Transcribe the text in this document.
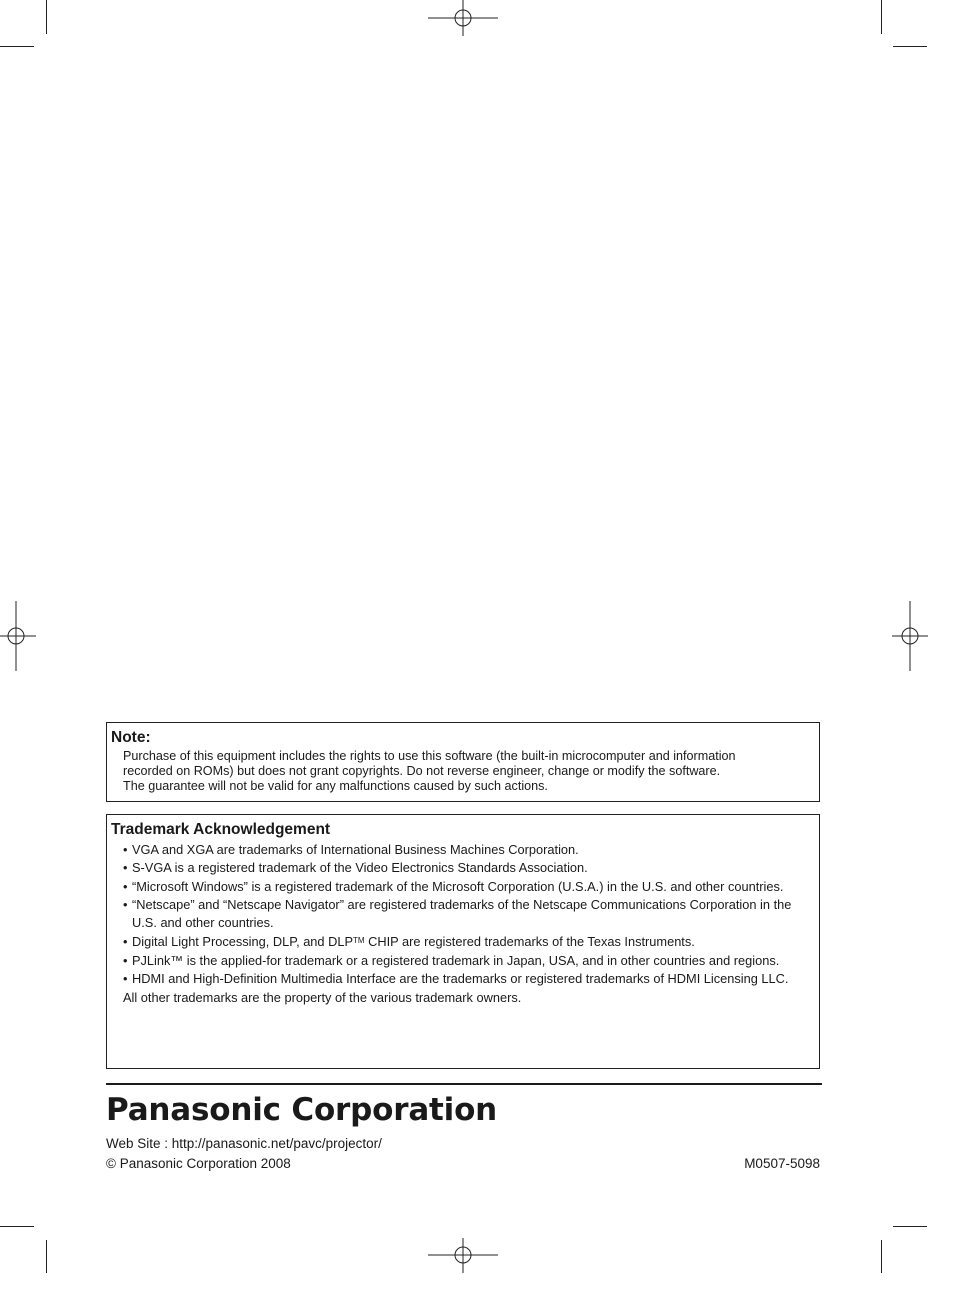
Note:
Purchase of this equipment includes the rights to use this software (the built-in microcomputer and information
recorded on ROMs) but does not grant copyrights. Do not reverse engineer, change or modify the software.
The guarantee will not be valid for any malfunctions caused by such actions.
Trademark Acknowledgement
• VGA and XGA are trademarks of International Business Machines Corporation.
• S-VGA is a registered trademark of the Video Electronics Standards Association.
• “Microsoft Windows” is a registered trademark of the Microsoft Corporation (U.S.A.) in the U.S. and other countries.
• “Netscape” and “Netscape Navigator” are registered trademarks of the Netscape Communications Corporation in the U.S. and other countries.
• Digital Light Processing, DLP, and DLP™ CHIP are registered trademarks of the Texas Instruments.
• PJLink™ is the applied-for trademark or a registered trademark in Japan, USA, and in other countries and regions.
• HDMI and High-Definition Multimedia Interface are the trademarks or registered trademarks of HDMI Licensing LLC.
All other trademarks are the property of the various trademark owners.
Panasonic Corporation
Web Site : http://panasonic.net/pavc/projector/
© Panasonic Corporation 2008	M0507-5098
